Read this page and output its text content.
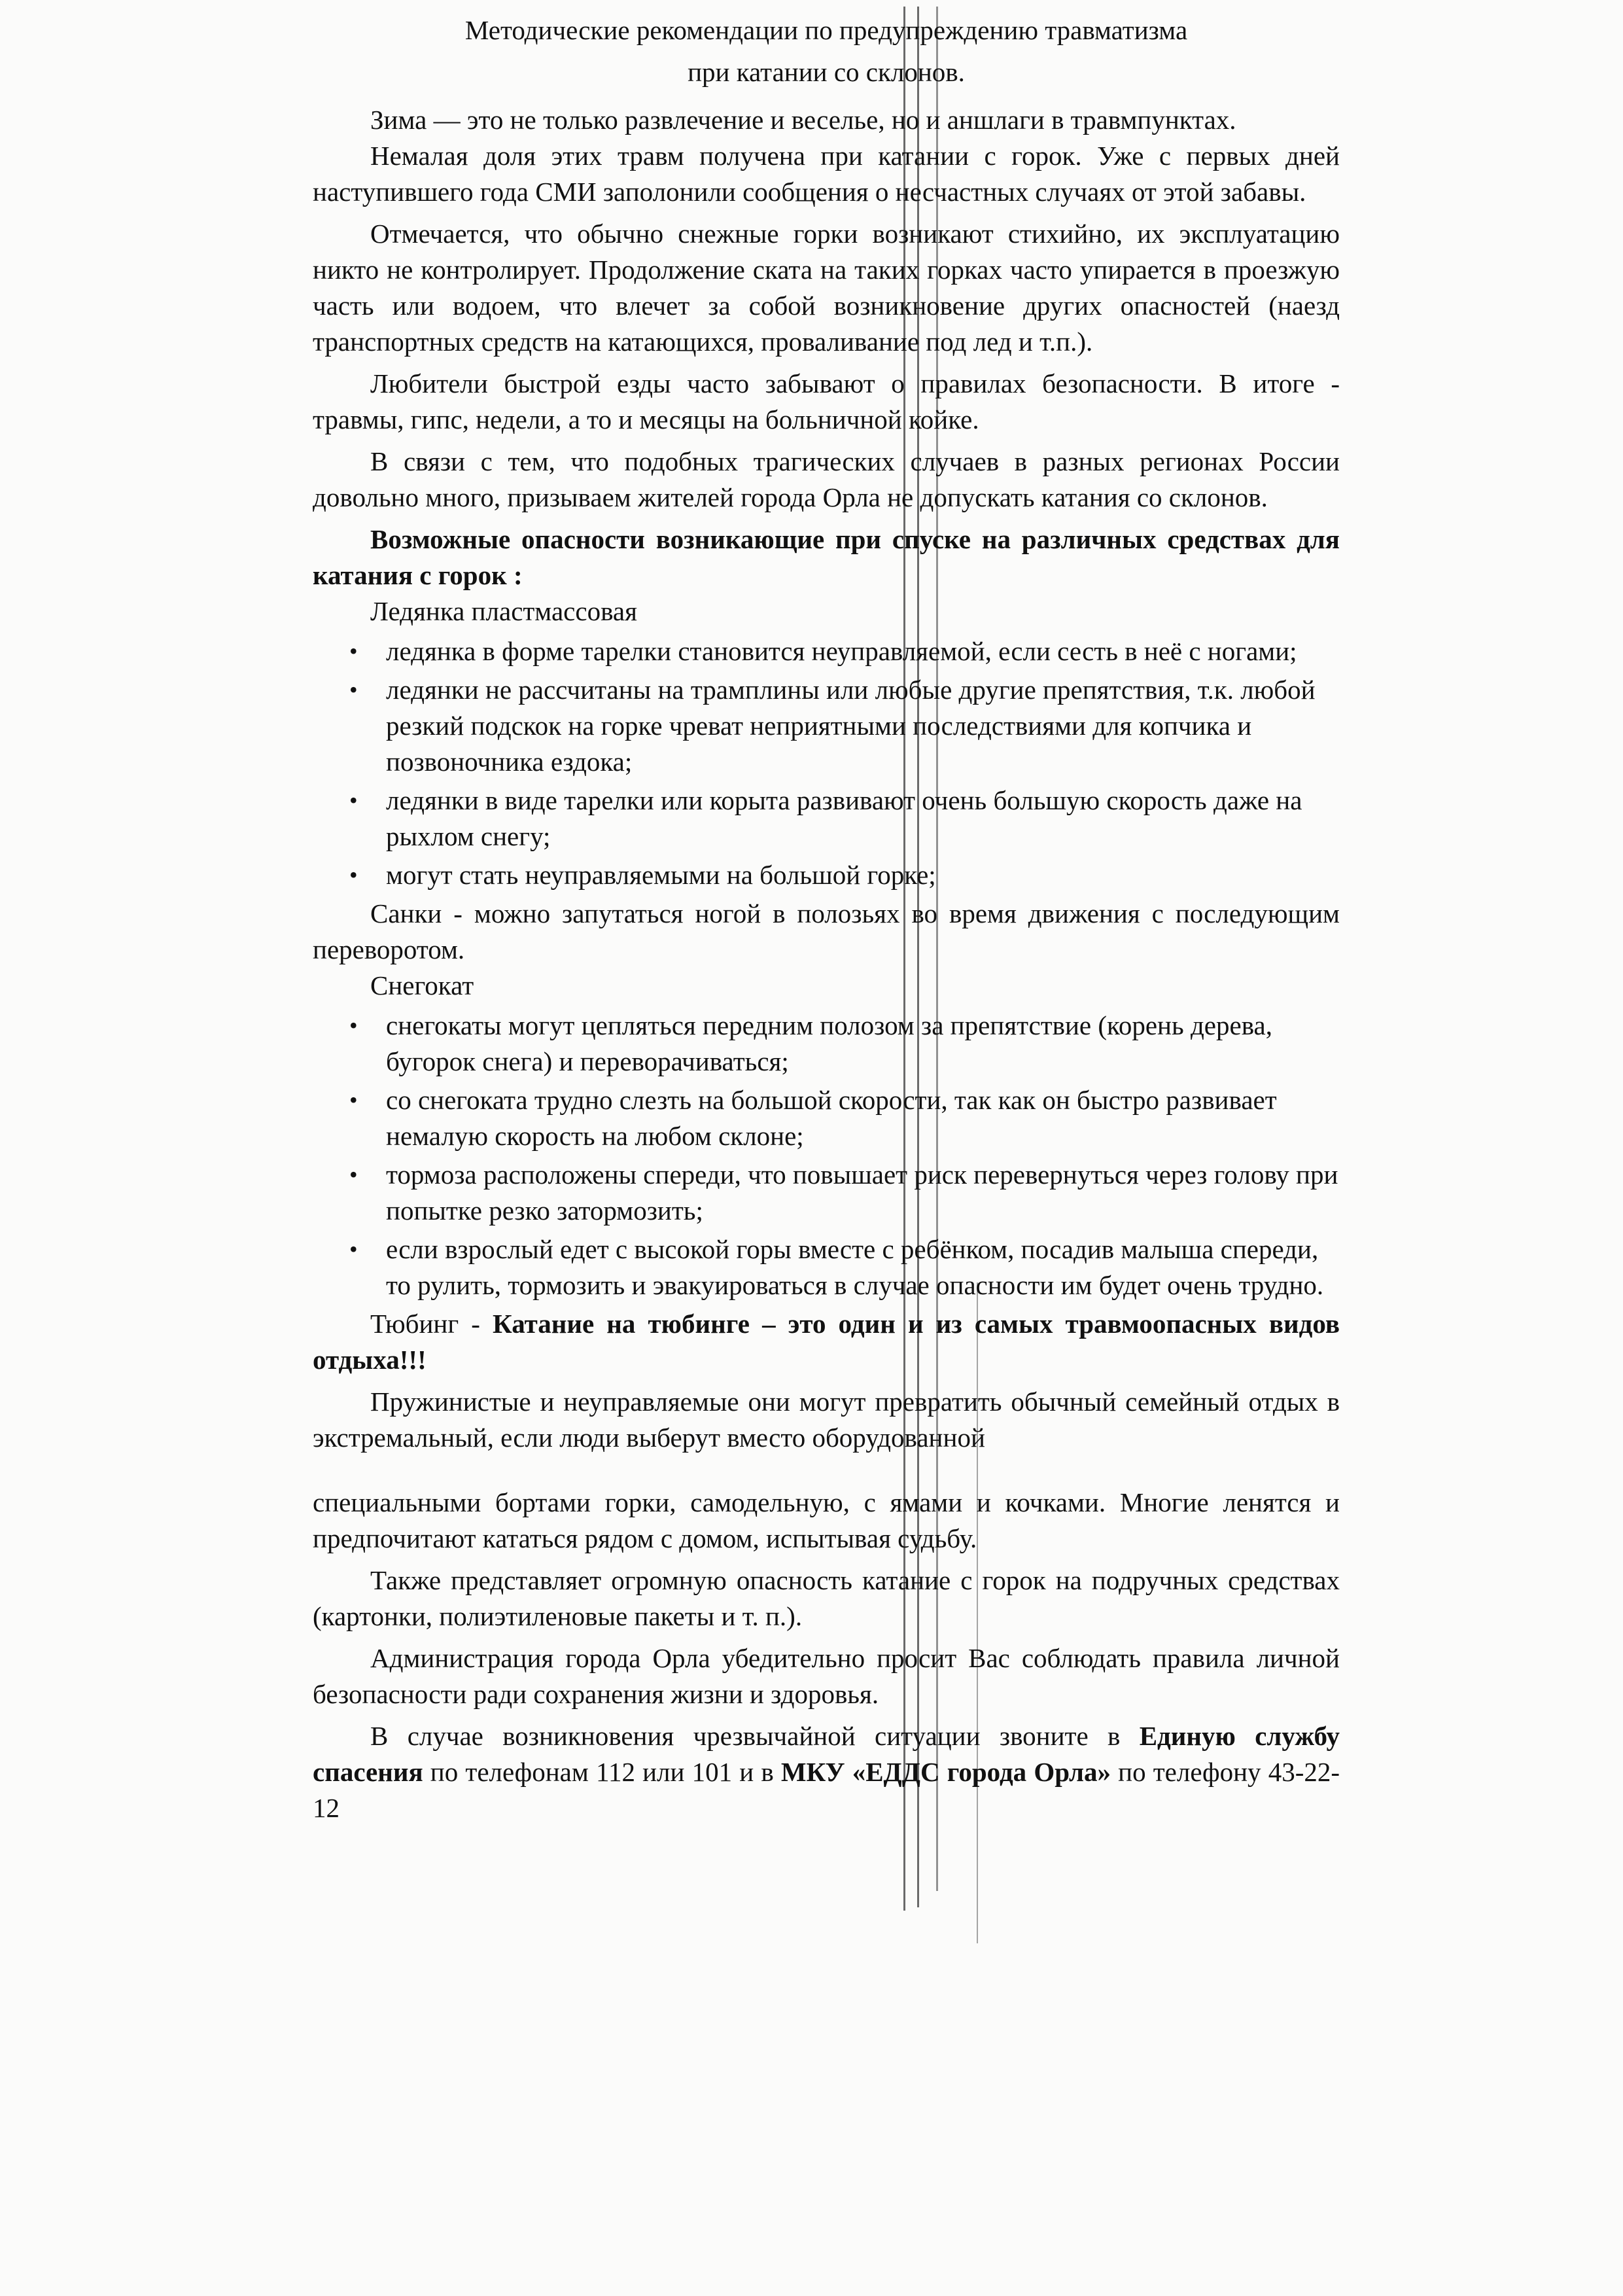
Методические рекомендации по предупреждению травматизма
при катании со склонов.

Зима — это не только развлечение и веселье, но и аншлаги в травмпунктах.

Немалая доля этих травм получена при катании с горок. Уже с первых дней наступившего года СМИ заполонили сообщения о несчастных случаях от этой забавы.

Отмечается, что обычно снежные горки возникают стихийно, их эксплуатацию никто не контролирует. Продолжение ската на таких горках часто упирается в проезжую часть или водоем, что влечет за собой возникновение других опасностей (наезд транспортных средств на катающихся, проваливание под лед и т.п.).

Любители быстрой езды часто забывают о правилах безопасности. В итоге - травмы, гипс, недели, а то и месяцы на больничной койке.

В связи с тем, что подобных трагических случаев в разных регионах России довольно много, призываем жителей города Орла не допускать катания со склонов.

Возможные опасности возникающие при спуске на различных средствах для катания с горок :

Ледянка пластмассовая
• ледянка в форме тарелки становится неуправляемой, если сесть в неё с ногами;
• ледянки не рассчитаны на трамплины или любые другие препятствия, т.к. любой резкий подскок на горке чреват неприятными последствиями для копчика и позвоночника ездока;
• ледянки в виде тарелки или корыта развивают очень большую скорость даже на рыхлом снегу;
• могут стать неуправляемыми на большой горке;

Санки - можно запутаться ногой в полозьях во время движения с последующим переворотом.

Снегокат
• снегокаты могут цепляться передним полозом за препятствие (корень дерева, бугорок снега) и переворачиваться;
• со снегоката трудно слезть на большой скорости, так как он быстро развивает немалую скорость на любом склоне;
• тормоза расположены спереди, что повышает риск перевернуться через голову при попытке резко затормозить;
• если взрослый едет с высокой горы вместе с ребёнком, посадив малыша спереди, то рулить, тормозить и эвакуироваться в случае опасности им будет очень трудно.

Тюбинг - Катание на тюбинге – это один и из самых травмоопасных видов отдыха!!!

Пружинистые и неуправляемые они могут превратить обычный семейный отдых в экстремальный, если люди выберут вместо оборудованной

специальными бортами горки, самодельную, с ямами и кочками. Многие ленятся и предпочитают кататься рядом с домом, испытывая судьбу.

Также представляет огромную опасность катание с горок на подручных средствах (картонки, полиэтиленовые пакеты и т. п.).

Администрация города Орла убедительно просит Вас соблюдать правила личной безопасности ради сохранения жизни и здоровья.

В случае возникновения чрезвычайной ситуации звоните в Единую службу спасения по телефонам 112 или 101 и в МКУ «ЕДДС города Орла» по телефону 43-22-12
